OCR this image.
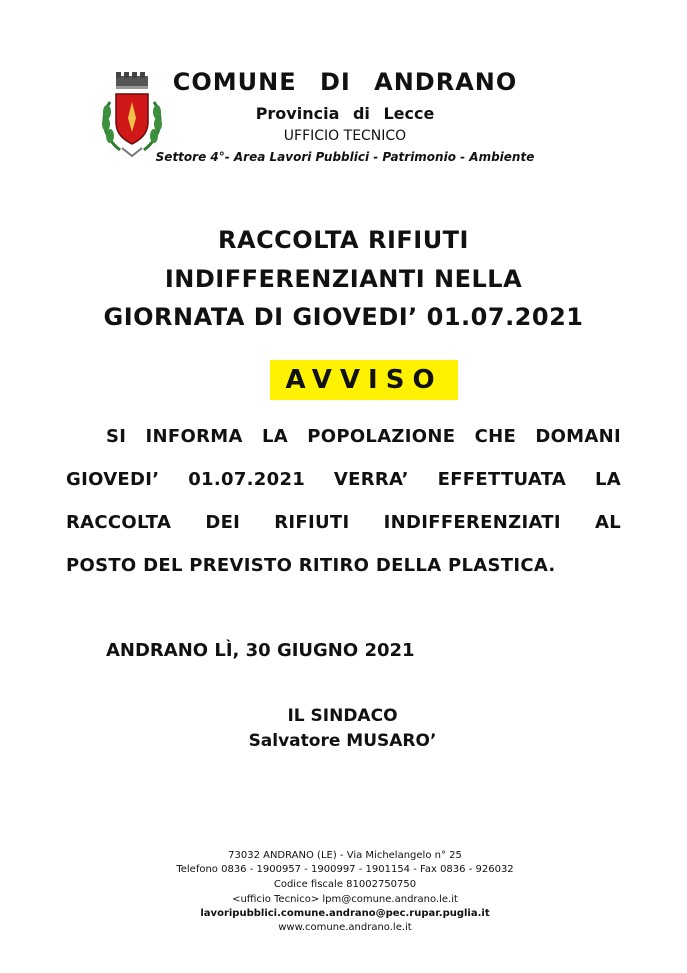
COMUNE DI ANDRANO
Provincia di Lecce
UFFICIO TECNICO
Settore 4°- Area Lavori Pubblici - Patrimonio - Ambiente
RACCOLTA RIFIUTI
INDIFFERENZIANTI NELLA
GIORNATA DI GIOVEDI’ 01.07.2021
AVVISO
SI INFORMA LA POPOLAZIONE CHE DOMANI
GIOVEDI’ 01.07.2021 VERRA’ EFFETTUATA LA
RACCOLTA DEI RIFIUTI INDIFFERENZIATI AL
POSTO DEL PREVISTO RITIRO DELLA PLASTICA.
ANDRANO LÌ, 30 GIUGNO 2021
IL SINDACO
Salvatore MUSARO’
73032 ANDRANO (LE) - Via Michelangelo n° 25
Telefono 0836 - 1900957 - 1900997 - 1901154 - Fax 0836 - 926032
Codice fiscale 81002750750
<ufficio Tecnico> lpm@comune.andrano.le.it
lavoripubblici.comune.andrano@pec.rupar.puglia.it
www.comune.andrano.le.it
